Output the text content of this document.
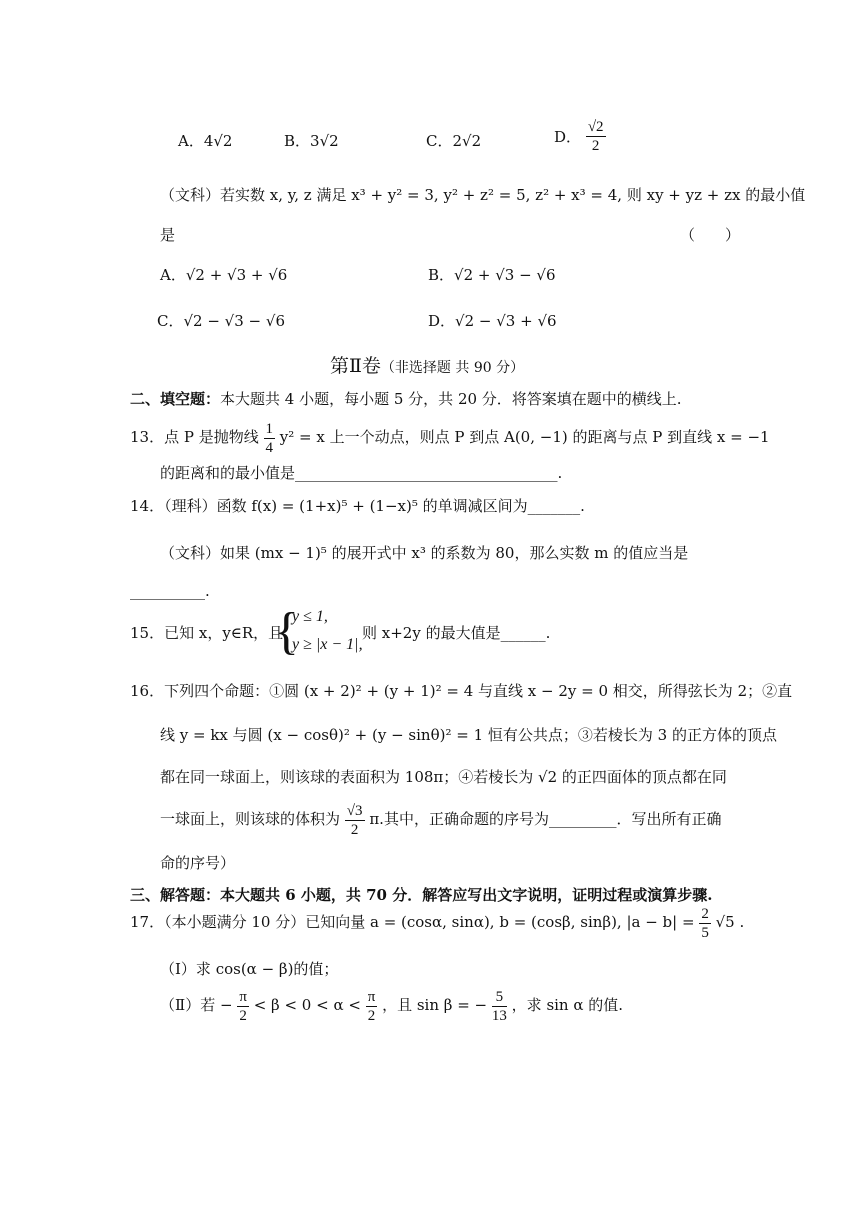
A．4√2	B．3√2	C．2√2	D． $\frac{√2}{2}$
（文科）若实数 x, y, z 满足 x³ + y² = 3, y² + z² = 5, z² + x³ = 4, 则 xy + yz + zx 的最小值
是	（　　）
A．√2 + √3 + √6	B．√2 + √3 − √6
C．√2 − √3 − √6	D．√2 − √3 + √6
第Ⅱ卷（非选择题 共 90 分）
二、填空题：本大题共 4 小题，每小题 5 分，共 20 分．将答案填在题中的横线上.
13．点 P 是抛物线 $\frac{1}{4} y^2 = x$ 上一个动点，则点 P 到点 A(0, −1) 的距离与点 P 到直线 x = −1
的距离和的最小值是___________________________________.
14．（理科）函数 f(x) = (1+x)⁵ + (1−x)⁵ 的单调减区间为_______.
（文科）如果 (mx − 1)⁵ 的展开式中 x³ 的系数为 80，那么实数 m 的值应当是
__________.
15．已知 x，y∈R，且
{
y ≤ 1,
y ≥ |x − 1|,
则 x+2y 的最大值是______.
16．下列四个命题：①圆 (x + 2)² + (y + 1)² = 4 与直线 x − 2y = 0 相交，所得弦长为 2；②直
线 y = kx 与圆 (x − cosθ)² + (y − sinθ)² = 1 恒有公共点；③若棱长为 3 的正方体的顶点
都在同一球面上，则该球的表面积为 108π；④若棱长为 √2 的正四面体的顶点都在同
一球面上，则该球的体积为 $\frac{√3}{2} \pi$.其中，正确命题的序号为_________．写出所有正确
命的序号）
三、解答题：本大题共 6 小题，共 70 分．解答应写出文字说明，证明过程或演算步骤.
17．（本小题满分 10 分）已知向量 a = (cosα, sinα), b = (cosβ, sinβ), $|a - b| = \frac{2}{5} √5$ .
（Ⅰ）求 cos(α − β)的值；
（Ⅱ）若 − $\frac{\pi}{2} < \beta < 0 < \alpha < \frac{\pi}{2}$ ，且 sin β = − $\frac{5}{13}$ ，求 sin α 的值.
